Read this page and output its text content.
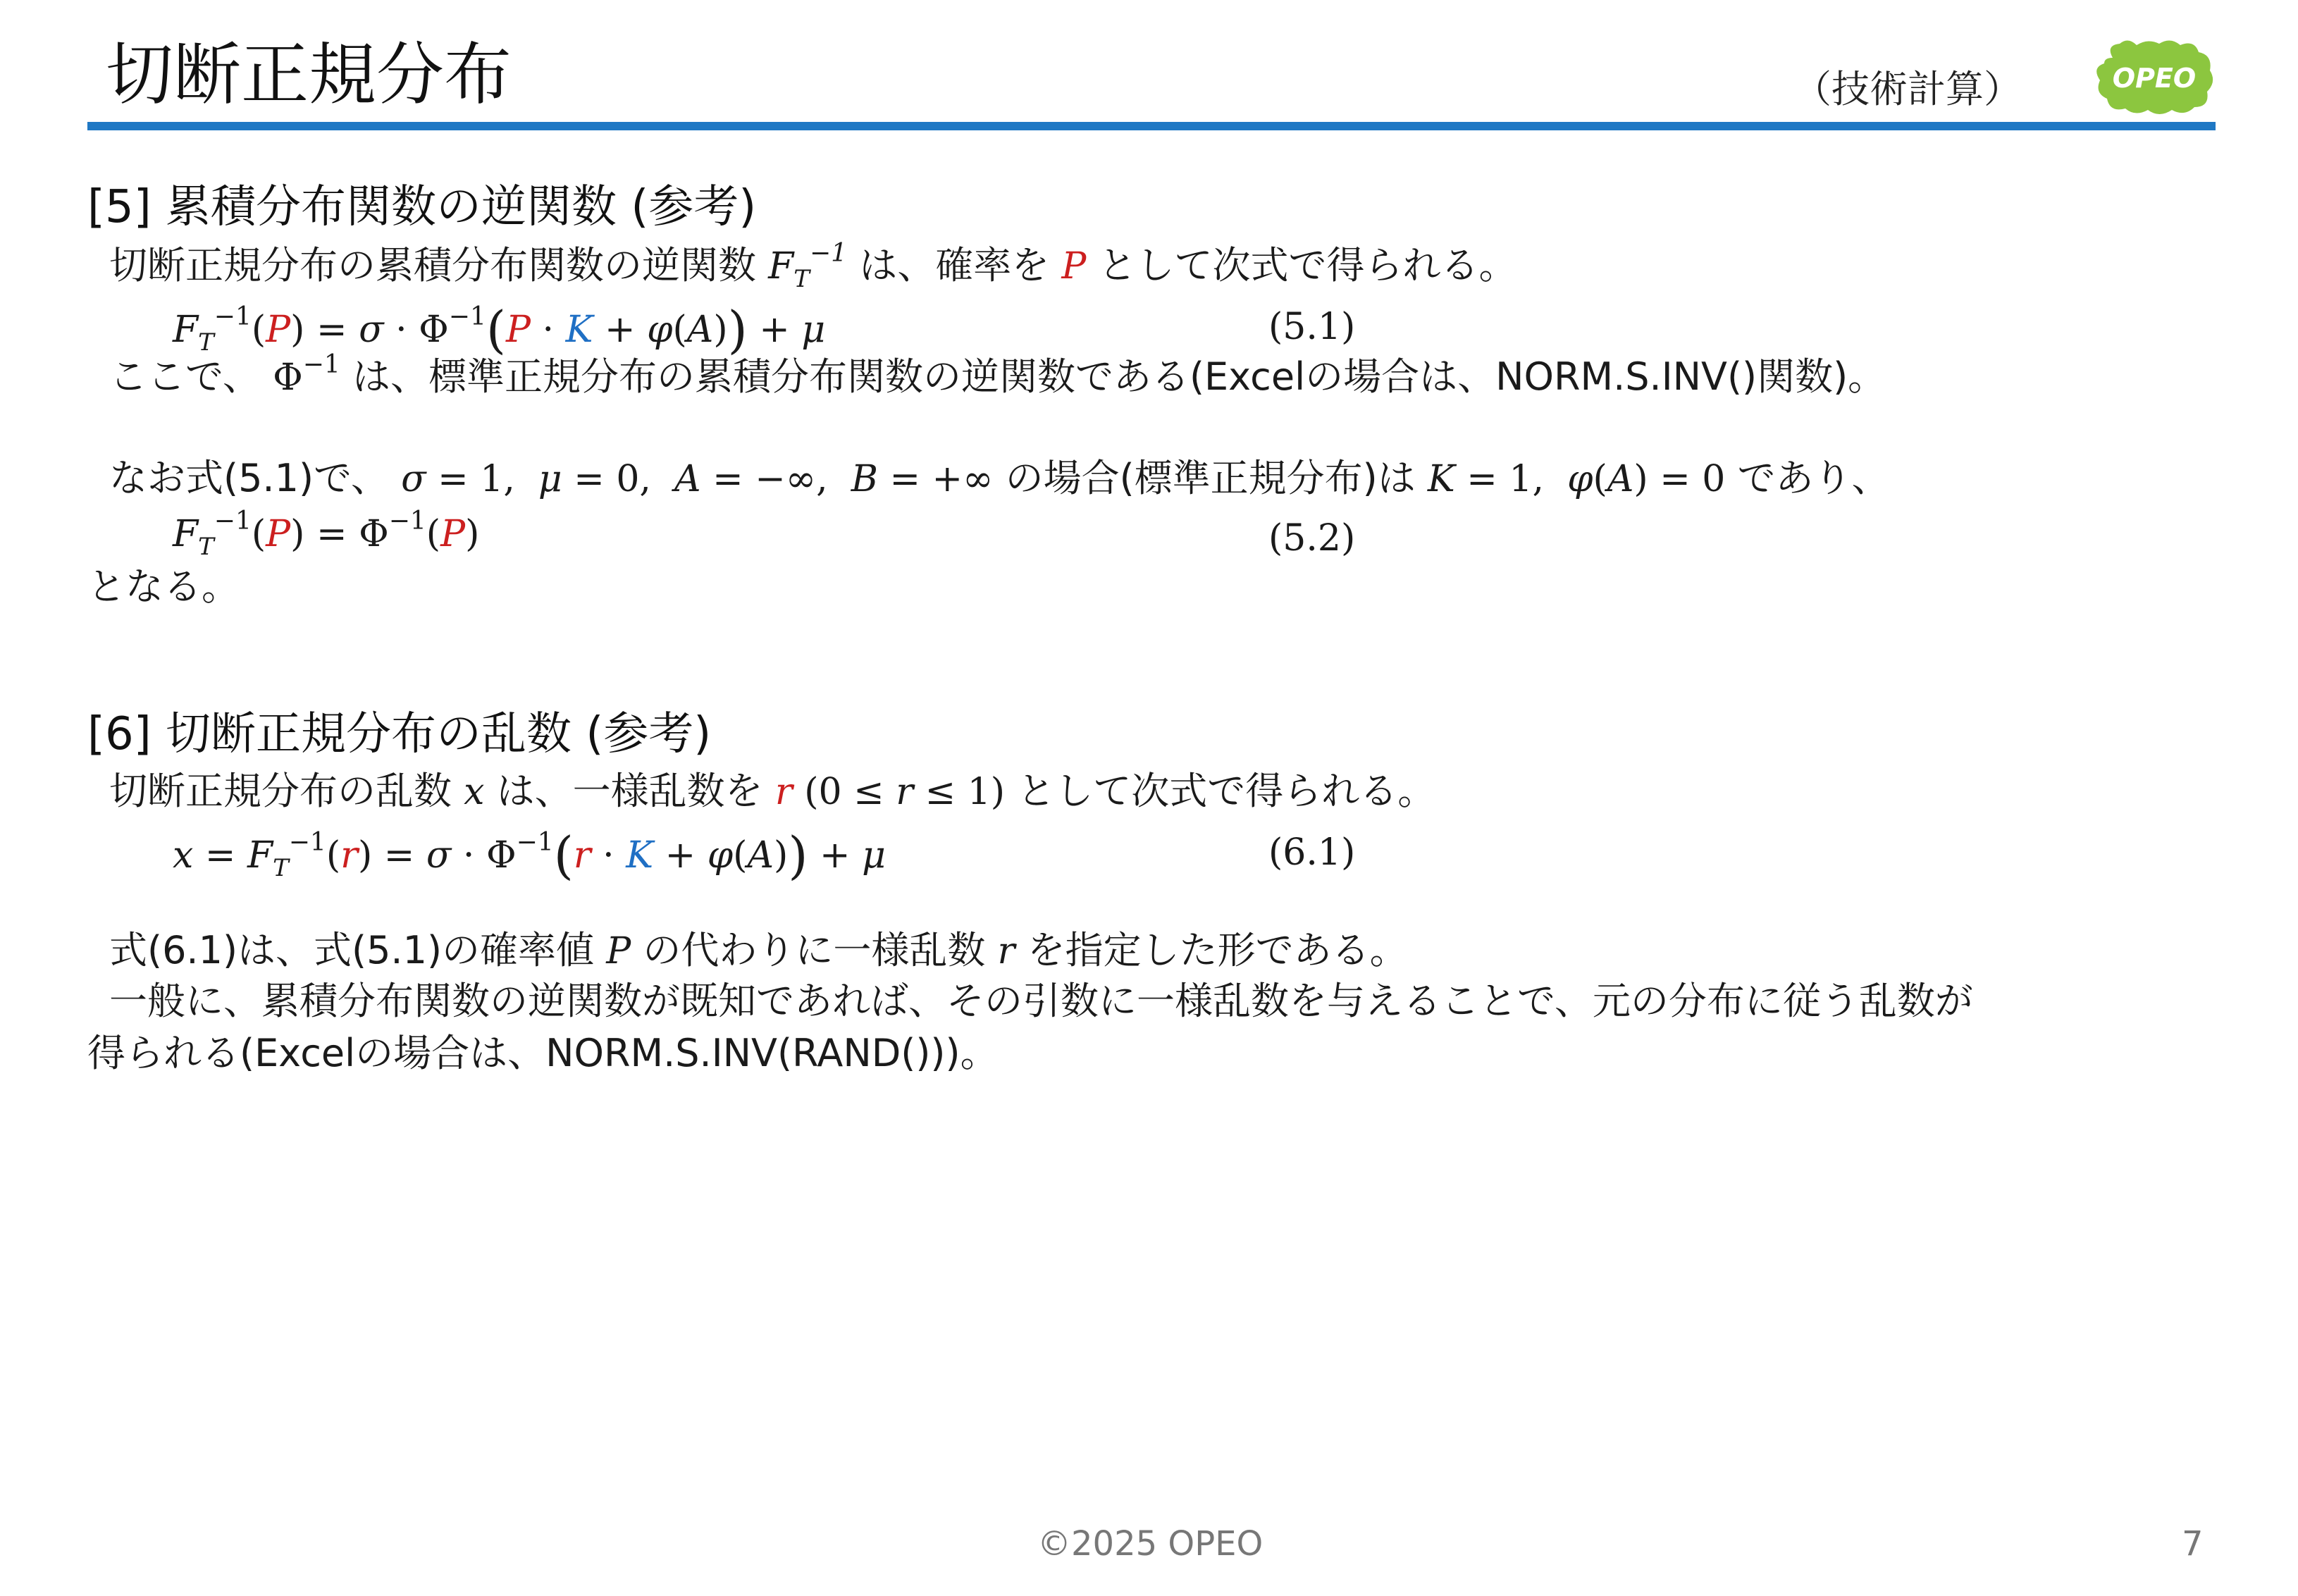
切断正規分布	（技術計算）	OPEO
[5] 累積分布関数の逆関数 (参考)
切断正規分布の累積分布関数の逆関数 $F_T^{-1}$ は、確率を P として次式で得られる。
$F_T^{-1}(P) = \sigma \cdot \Phi^{-1}(P \cdot K + \varphi(A)) + \mu$	(5.1)
ここで、 $\Phi^{-1}$ は、標準正規分布の累積分布関数の逆関数である(Excelの場合は、NORM.S.INV()関数)。
なお式(5.1)で、 σ = 1,  μ = 0,  A = −∞,  B = +∞ の場合(標準正規分布)は K = 1,  φ(A) = 0 であり、
$F_T^{-1}(P) = \Phi^{-1}(P)$	(5.2)
となる。
[6] 切断正規分布の乱数 (参考)
切断正規分布の乱数 x は、一様乱数を r (0 ≤ r ≤ 1) として次式で得られる。
$x = F_T^{-1}(r) = \sigma \cdot \Phi^{-1}(r \cdot K + \varphi(A)) + \mu$	(6.1)
式(6.1)は、式(5.1)の確率値 P の代わりに一様乱数 r を指定した形である。
一般に、累積分布関数の逆関数が既知であれば、その引数に一様乱数を与えることで、元の分布に従う乱数が
得られる(Excelの場合は、NORM.S.INV(RAND()))。
©2025 OPEO	7
